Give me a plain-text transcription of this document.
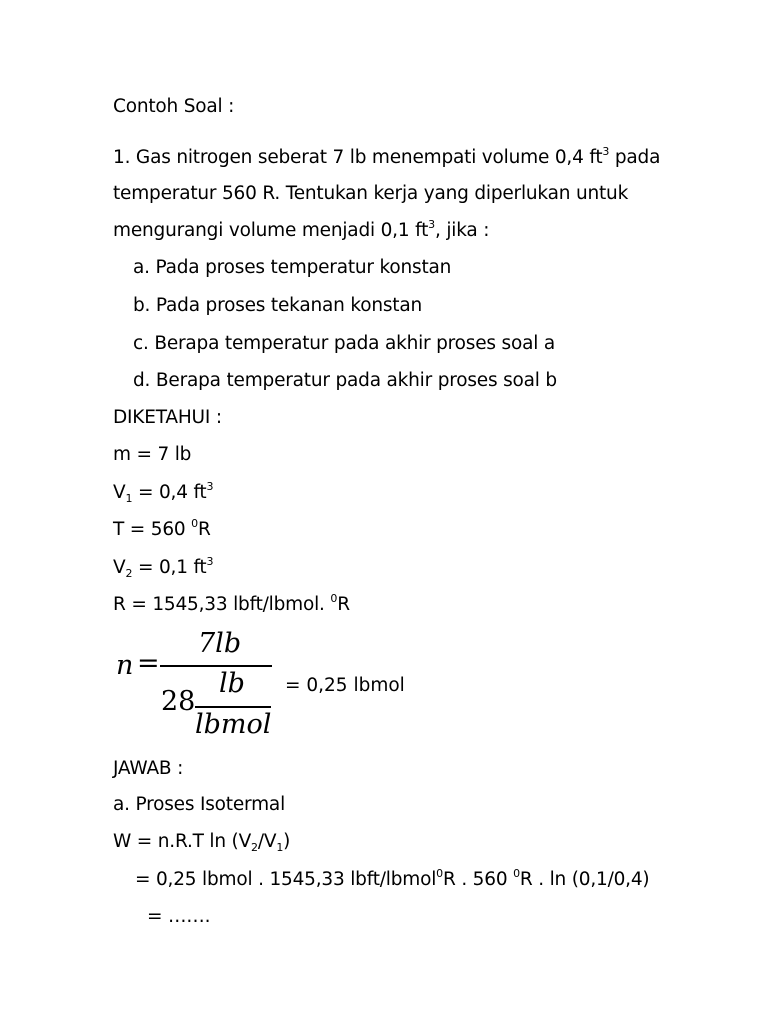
Contoh Soal :
1. Gas nitrogen seberat 7 lb menempati volume 0,4 $ft^3$ pada
temperatur 560 R. Tentukan kerja yang diperlukan untuk
mengurangi volume menjadi 0,1 $ft^3$, jika :
a. Pada proses temperatur konstan
b. Pada proses tekanan konstan
c. Berapa temperatur pada akhir proses soal a
d. Berapa temperatur pada akhir proses soal b
DIKETAHUI :
m = 7 lb
$V_1 = 0,4$ $ft^3$
T = 560 $^0$R
$V_2 = 0,1$ $ft^3$
R = 1545,33 lbft/lbmol. $^0$R
n =
7lb
28
lb
lbmol
= 0,25 lbmol
JAWAB :
a. Proses Isotermal
W = n.R.T $\ln (V_2/V_1)$
= 0,25 lbmol . 1545,33 lbft/lbmol$^0$R . 560 $^0$R . ln (0,1/0,4)
= …….
